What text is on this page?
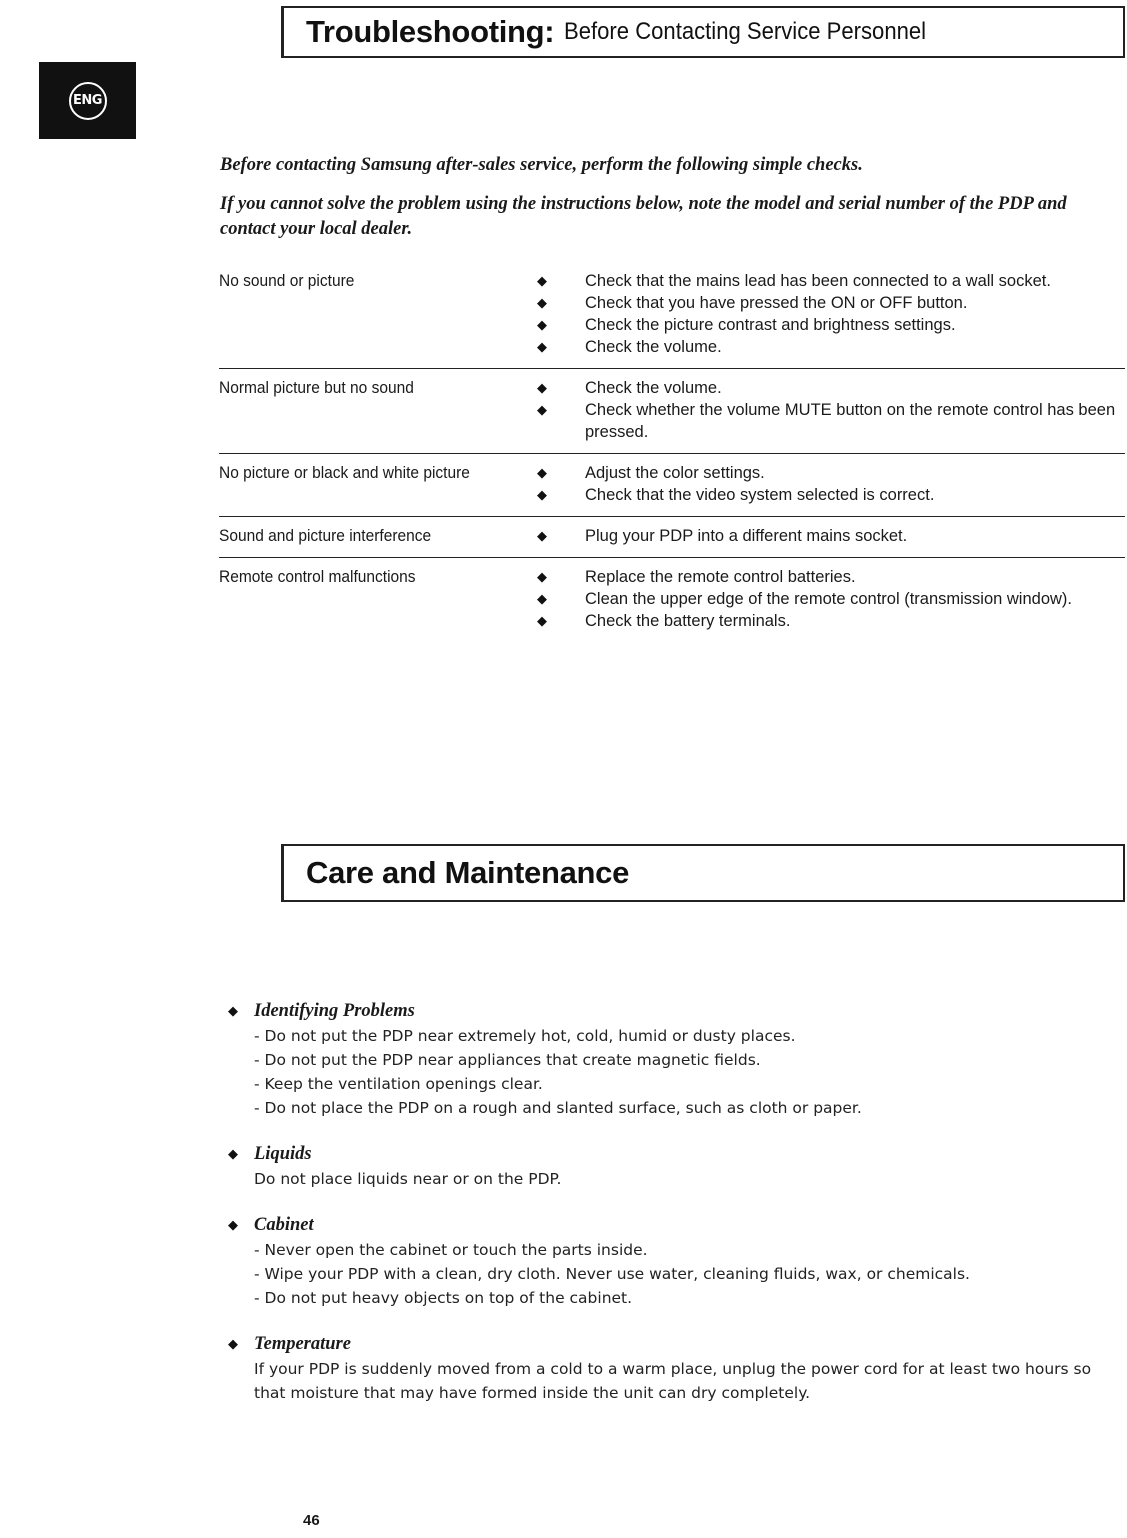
Troubleshooting: Before Contacting Service Personnel
ENG
Before contacting Samsung after-sales service, perform the following simple checks.
If you cannot solve the problem using the instructions below, note the model and serial number of the PDP and contact your local dealer.
No sound or picture	◆	Check that the mains lead has been connected to a wall socket.
◆	Check that you have pressed the ON or OFF button.
◆	Check the picture contrast and brightness settings.
◆	Check the volume.
Normal picture but no sound	◆	Check the volume.
◆	Check whether the volume MUTE button on the remote control has been pressed.
No picture or black and white picture	◆	Adjust the color settings.
◆	Check that the video system selected is correct.
Sound and picture interference	◆	Plug your PDP into a different mains socket.
Remote control malfunctions	◆	Replace the remote control batteries.
◆	Clean the upper edge of the remote control (transmission window).
◆	Check the battery terminals.
Care and Maintenance
◆ Identifying Problems
- Do not put the PDP near extremely hot, cold, humid or dusty places.
- Do not put the PDP near appliances that create magnetic fields.
- Keep the ventilation openings clear.
- Do not place the PDP on a rough and slanted surface, such as cloth or paper.
◆ Liquids
Do not place liquids near or on the PDP.
◆ Cabinet
- Never open the cabinet or touch the parts inside.
- Wipe your PDP with a clean, dry cloth. Never use water, cleaning fluids, wax, or chemicals.
- Do not put heavy objects on top of the cabinet.
◆ Temperature
If your PDP is suddenly moved from a cold to a warm place, unplug the power cord for at least two hours so that moisture that may have formed inside the unit can dry completely.
46
